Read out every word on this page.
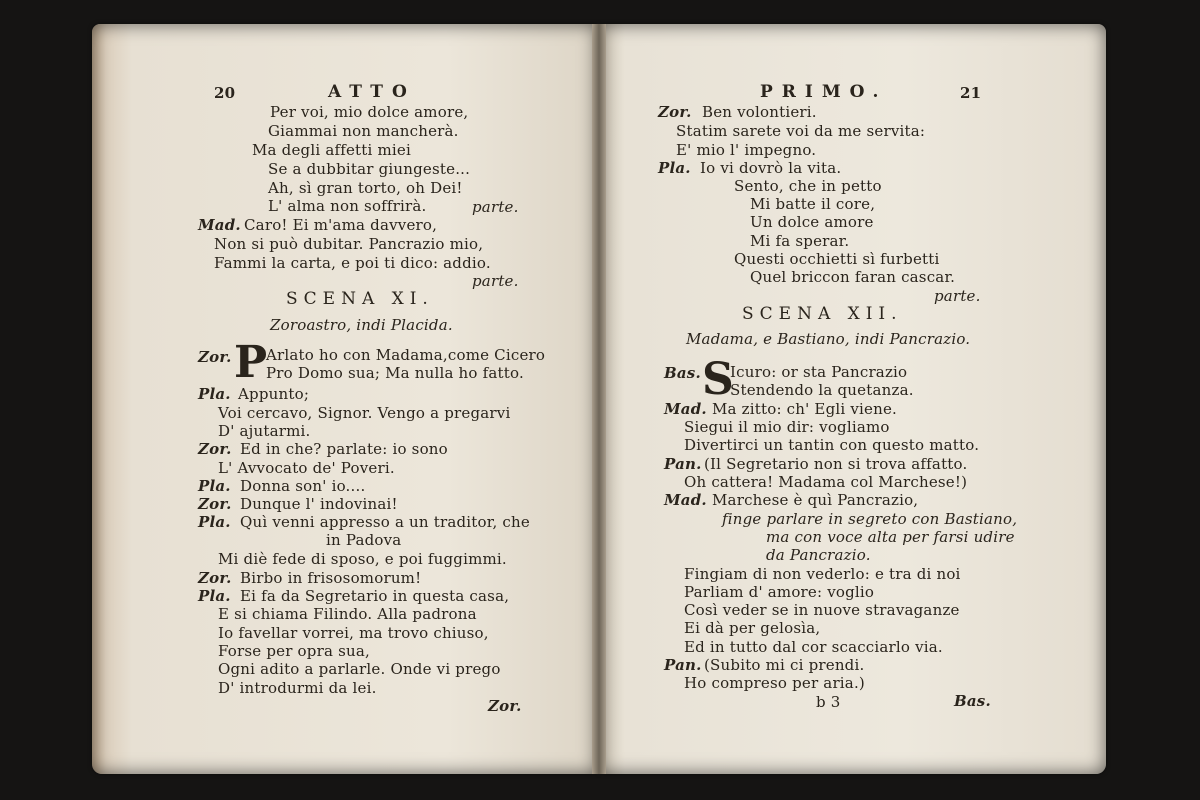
20	ATTO
Per voi, mio dolce amore,
Giammai non mancherà.
Ma degli affetti miei
Se a dubbitar giungeste...
Ah, sì gran torto, oh Dei!
L' alma non soffrirà.	parte.
Mad. Caro! Ei m'ama davvero,
Non si può dubitar. Pancrazio mio,
Fammi la carta, e poi ti dico: addio.
parte.
SCENA XI.
Zoroastro, indi Placida.
Zor. P
Arlato ho con Madama,come Cicero
Pro Domo sua; Ma nulla ho fatto.
Pla. Appunto;
Voi cercavo, Signor. Vengo a pregarvi
D' ajutarmi.
Zor. Ed in che? parlate: io sono
L' Avvocato de' Poveri.
Pla. Donna son' io....
Zor. Dunque l' indovinai!
Pla. Quì venni appresso a un traditor, che
in Padova
Mi diè fede di sposo, e poi fuggimmi.
Zor. Birbo in frisosomorum!
Pla. Ei fa da Segretario in questa casa,
E si chiama Filindo. Alla padrona
Io favellar vorrei, ma trovo chiuso,
Forse per opra sua,
Ogni adito a parlarle. Onde vi prego
D' introdurmi da lei.
Zor.
PRIMO.	21
Zor. Ben volontieri.
Statim sarete voi da me servita:
E' mio l' impegno.
Pla. Io vi dovrò la vita.
Sento, che in petto
Mi batte il core,
Un dolce amore
Mi fa sperar.
Questi occhietti sì furbetti
Quel briccon faran cascar.
parte.
SCENA XII.
Madama, e Bastiano, indi Pancrazio.
Bas. S
Icuro: or sta Pancrazio
Stendendo la quetanza.
Mad. Ma zitto: ch' Egli viene.
Siegui il mio dir: vogliamo
Divertirci un tantin con questo matto.
Pan. (Il Segretario non si trova affatto.
Oh cattera! Madama col Marchese!)
Mad. Marchese è quì Pancrazio,
finge parlare in segreto con Bastiano,
ma con voce alta per farsi udire
da Pancrazio.
Fingiam di non vederlo: e tra di noi
Parliam d' amore: voglio
Così veder se in nuove stravaganze
Ei dà per gelosìa,
Ed in tutto dal cor scacciarlo via.
Pan. (Subito mi ci prendi.
Ho compreso per aria.)
b 3	Bas.
